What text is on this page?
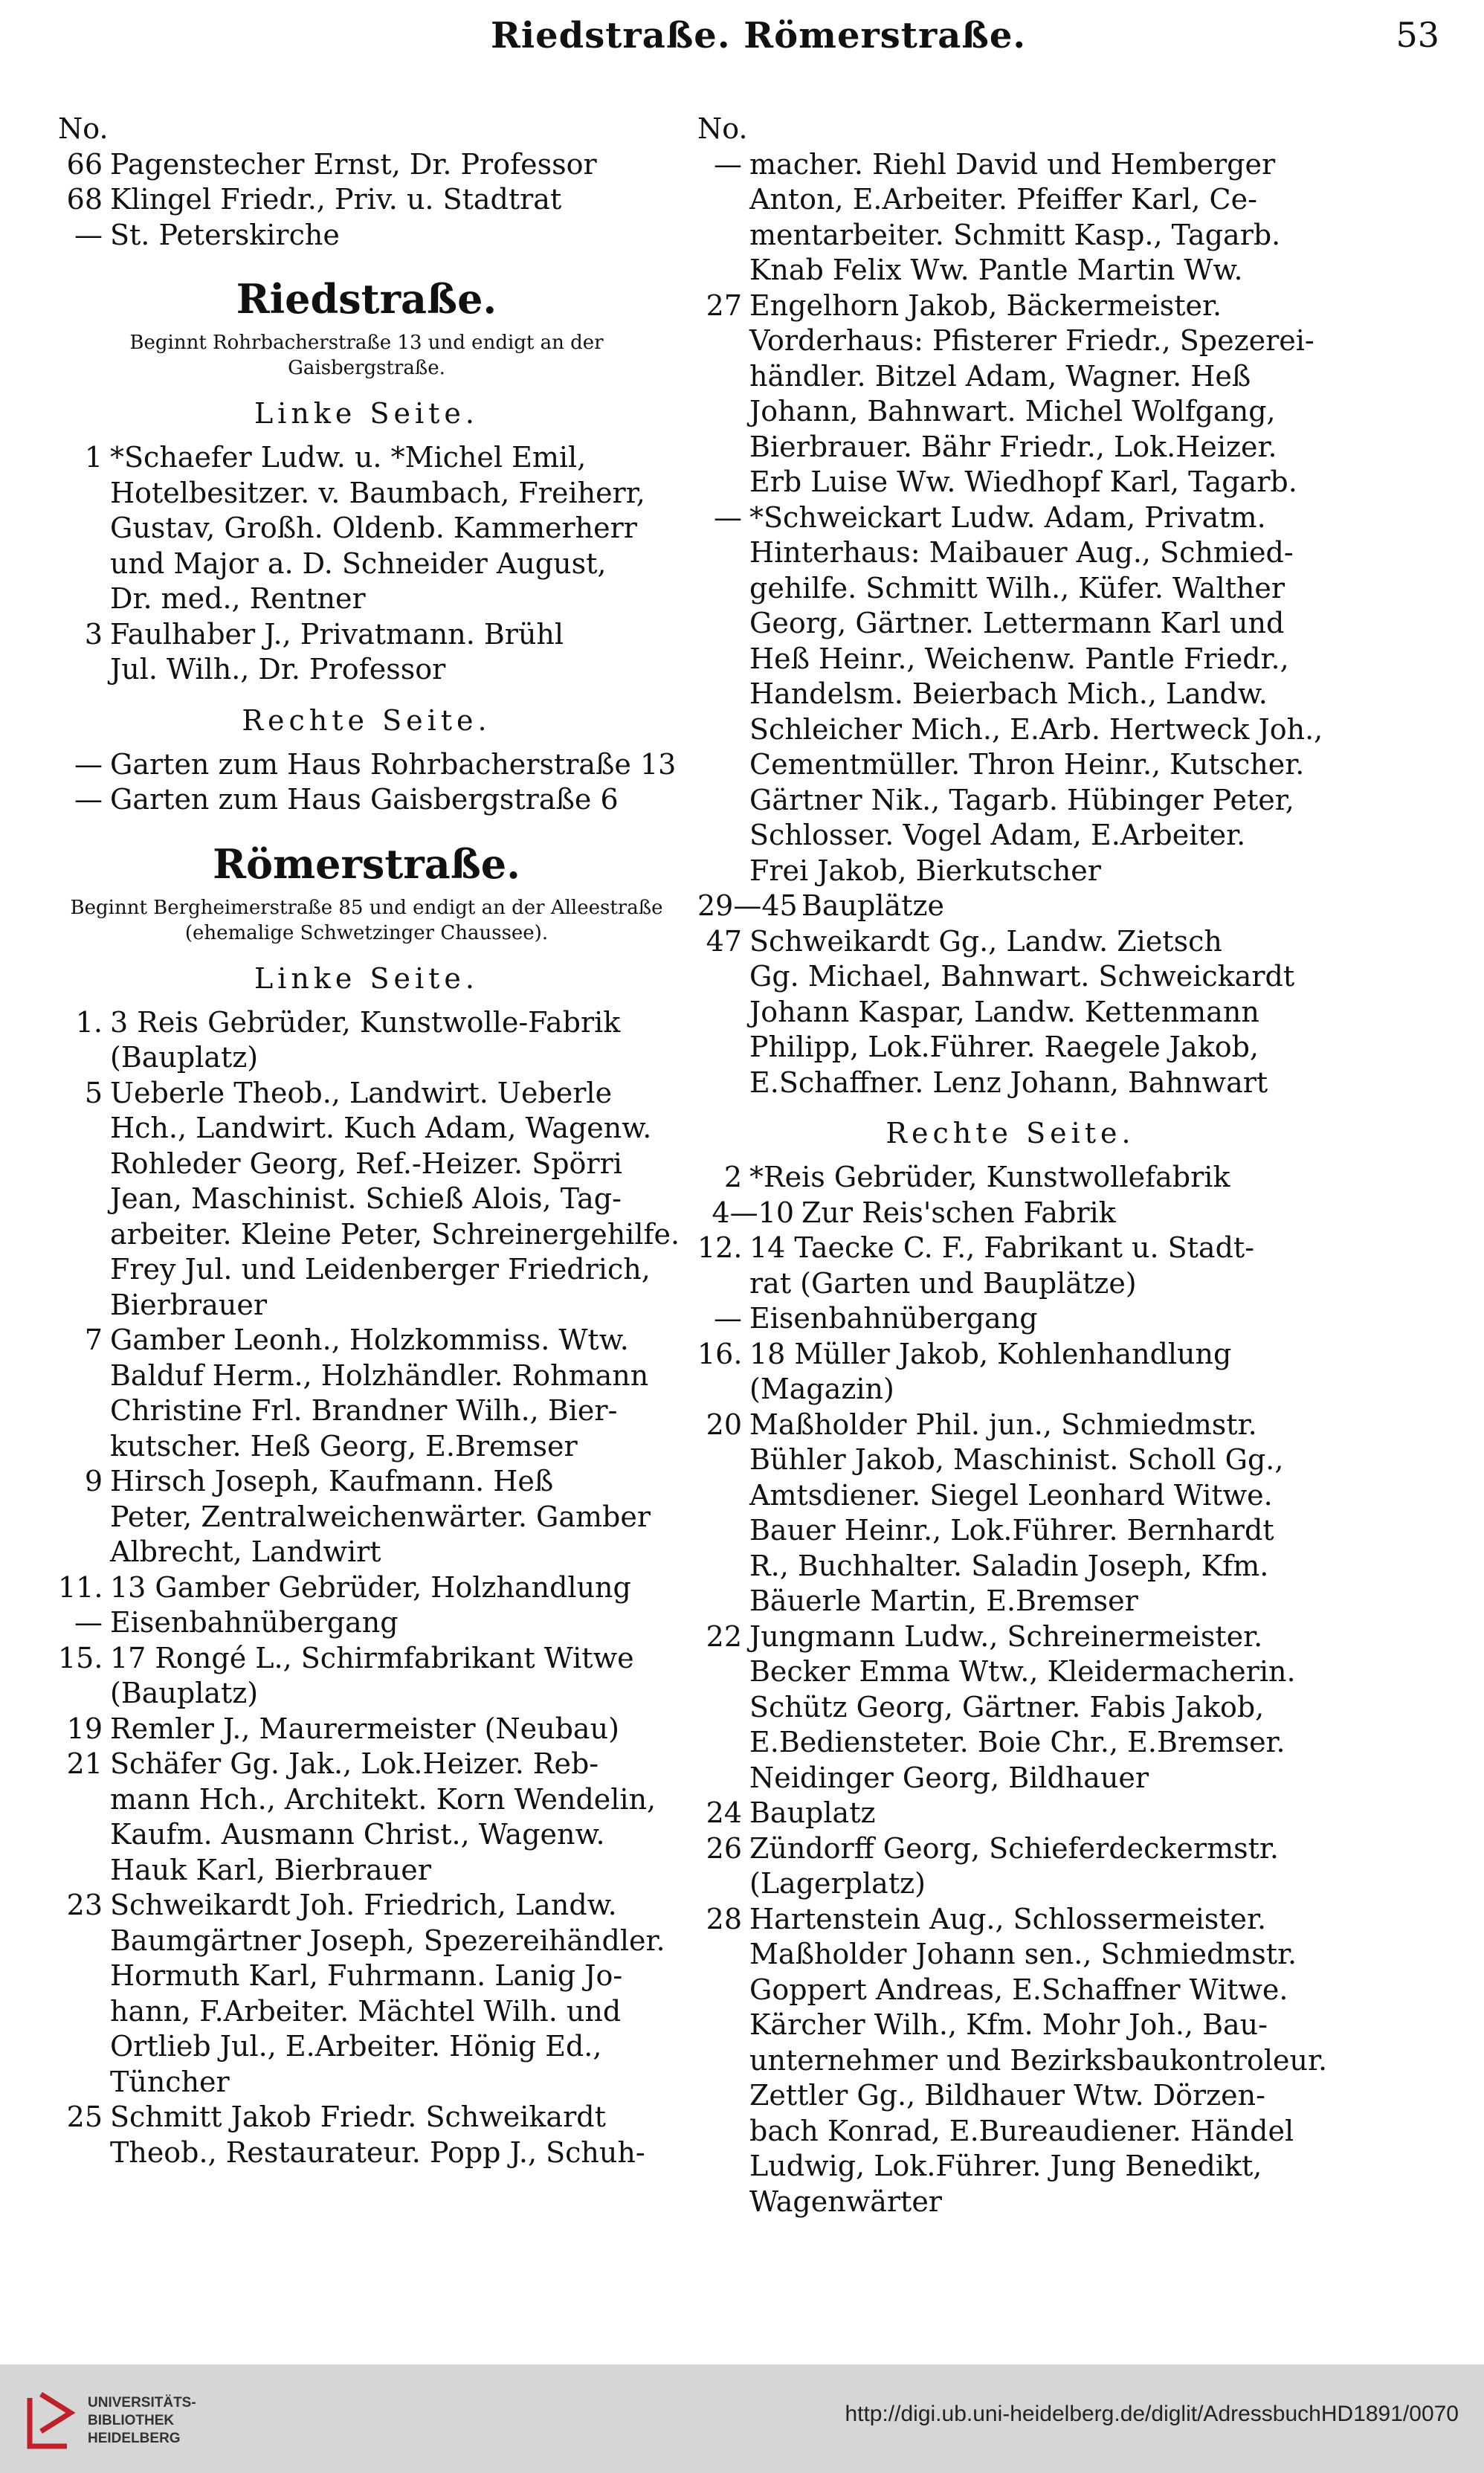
Riedstraße. Römerstraße.	53
No.
66 Pagenstecher Ernst, Dr. Professor
68 Klingel Friedr., Priv. u. Stadtrat
— St. Peterskirche
Riedstraße.
Beginnt Rohrbacherstraße 13 und endigt an der Gaisbergstraße.
Linke Seite.
1 *Schaefer Ludw. u. *Michel Emil,
Hotelbesitzer. v. Baumbach, Freiherr,
Gustav, Großh. Oldenb. Kammerherr
und Major a. D. Schneider August,
Dr. med., Rentner
3 Faulhaber J., Privatmann. Brühl
Jul. Wilh., Dr. Professor
Rechte Seite.
— Garten zum Haus Rohrbacherstraße 13
— Garten zum Haus Gaisbergstraße 6
Römerstraße.
Beginnt Bergheimerstraße 85 und endigt an der Alleestraße (ehemalige Schwetzinger Chaussee).
Linke Seite.
1. 3 Reis Gebrüder, Kunstwolle-Fabrik
(Bauplatz)
5 Ueberle Theob., Landwirt. Ueberle
Hch., Landwirt. Kuch Adam, Wagenw.
Rohleder Georg, Ref.-Heizer. Spörri
Jean, Maschinist. Schieß Alois, Tag-
arbeiter. Kleine Peter, Schreinergehilfe.
Frey Jul. und Leidenberger Friedrich,
Bierbrauer
7 Gamber Leonh., Holzkommiss. Wtw.
Balduf Herm., Holzhändler. Rohmann
Christine Frl. Brandner Wilh., Bier-
kutscher. Heß Georg, E.Bremser
9 Hirsch Joseph, Kaufmann. Heß
Peter, Zentralweichenwärter. Gamber
Albrecht, Landwirt
11. 13 Gamber Gebrüder, Holzhandlung
— Eisenbahnübergang
15. 17 Rongé L., Schirmfabrikant Witwe
(Bauplatz)
19 Remler J., Maurermeister (Neubau)
21 Schäfer Gg. Jak., Lok.Heizer. Reb-
mann Hch., Architekt. Korn Wendelin,
Kaufm. Ausmann Christ., Wagenw.
Hauk Karl, Bierbrauer
23 Schweikardt Joh. Friedrich, Landw.
Baumgärtner Joseph, Spezereihändler.
Hormuth Karl, Fuhrmann. Lanig Jo-
hann, F.Arbeiter. Mächtel Wilh. und
Ortlieb Jul., E.Arbeiter. Hönig Ed.,
Tüncher
25 Schmitt Jakob Friedr. Schweikardt
Theob., Restaurateur. Popp J., Schuh-
No.
— macher. Riehl David und Hemberger
Anton, E.Arbeiter. Pfeiffer Karl, Ce-
mentarbeiter. Schmitt Kasp., Tagarb.
Knab Felix Ww. Pantle Martin Ww.
27 Engelhorn Jakob, Bäckermeister.
Vorderhaus: Pfisterer Friedr., Spezerei-
händler. Bitzel Adam, Wagner. Heß
Johann, Bahnwart. Michel Wolfgang,
Bierbrauer. Bähr Friedr., Lok.Heizer.
Erb Luise Ww. Wiedhopf Karl, Tagarb.
— *Schweickart Ludw. Adam, Privatm.
Hinterhaus: Maibauer Aug., Schmied-
gehilfe. Schmitt Wilh., Küfer. Walther
Georg, Gärtner. Lettermann Karl und
Heß Heinr., Weichenw. Pantle Friedr.,
Handelsm. Beierbach Mich., Landw.
Schleicher Mich., E.Arb. Hertweck Joh.,
Cementmüller. Thron Heinr., Kutscher.
Gärtner Nik., Tagarb. Hübinger Peter,
Schlosser. Vogel Adam, E.Arbeiter.
Frei Jakob, Bierkutscher
29—45 Bauplätze
47 Schweikardt Gg., Landw. Zietsch
Gg. Michael, Bahnwart. Schweickardt
Johann Kaspar, Landw. Kettenmann
Philipp, Lok.Führer. Raegele Jakob,
E.Schaffner. Lenz Johann, Bahnwart
Rechte Seite.
2 *Reis Gebrüder, Kunstwollefabrik
4—10 Zur Reis'schen Fabrik
12. 14 Taecke C. F., Fabrikant u. Stadt-
rat (Garten und Bauplätze)
— Eisenbahnübergang
16. 18 Müller Jakob, Kohlenhandlung
(Magazin)
20 Maßholder Phil. jun., Schmiedmstr.
Bühler Jakob, Maschinist. Scholl Gg.,
Amtsdiener. Siegel Leonhard Witwe.
Bauer Heinr., Lok.Führer. Bernhardt
R., Buchhalter. Saladin Joseph, Kfm.
Bäuerle Martin, E.Bremser
22 Jungmann Ludw., Schreinermeister.
Becker Emma Wtw., Kleidermacherin.
Schütz Georg, Gärtner. Fabis Jakob,
E.Bediensteter. Boie Chr., E.Bremser.
Neidinger Georg, Bildhauer
24 Bauplatz
26 Zündorff Georg, Schieferdeckermstr.
(Lagerplatz)
28 Hartenstein Aug., Schlossermeister.
Maßholder Johann sen., Schmiedmstr.
Goppert Andreas, E.Schaffner Witwe.
Kärcher Wilh., Kfm. Mohr Joh., Bau-
unternehmer und Bezirksbaukontroleur.
Zettler Gg., Bildhauer Wtw. Dörzen-
bach Konrad, E.Bureaudiener. Händel
Ludwig, Lok.Führer. Jung Benedikt,
Wagenwärter
UNIVERSITÄTS-
BIBLIOTHEK
HEIDELBERG
http://digi.ub.uni-heidelberg.de/diglit/AdressbuchHD1891/0070
